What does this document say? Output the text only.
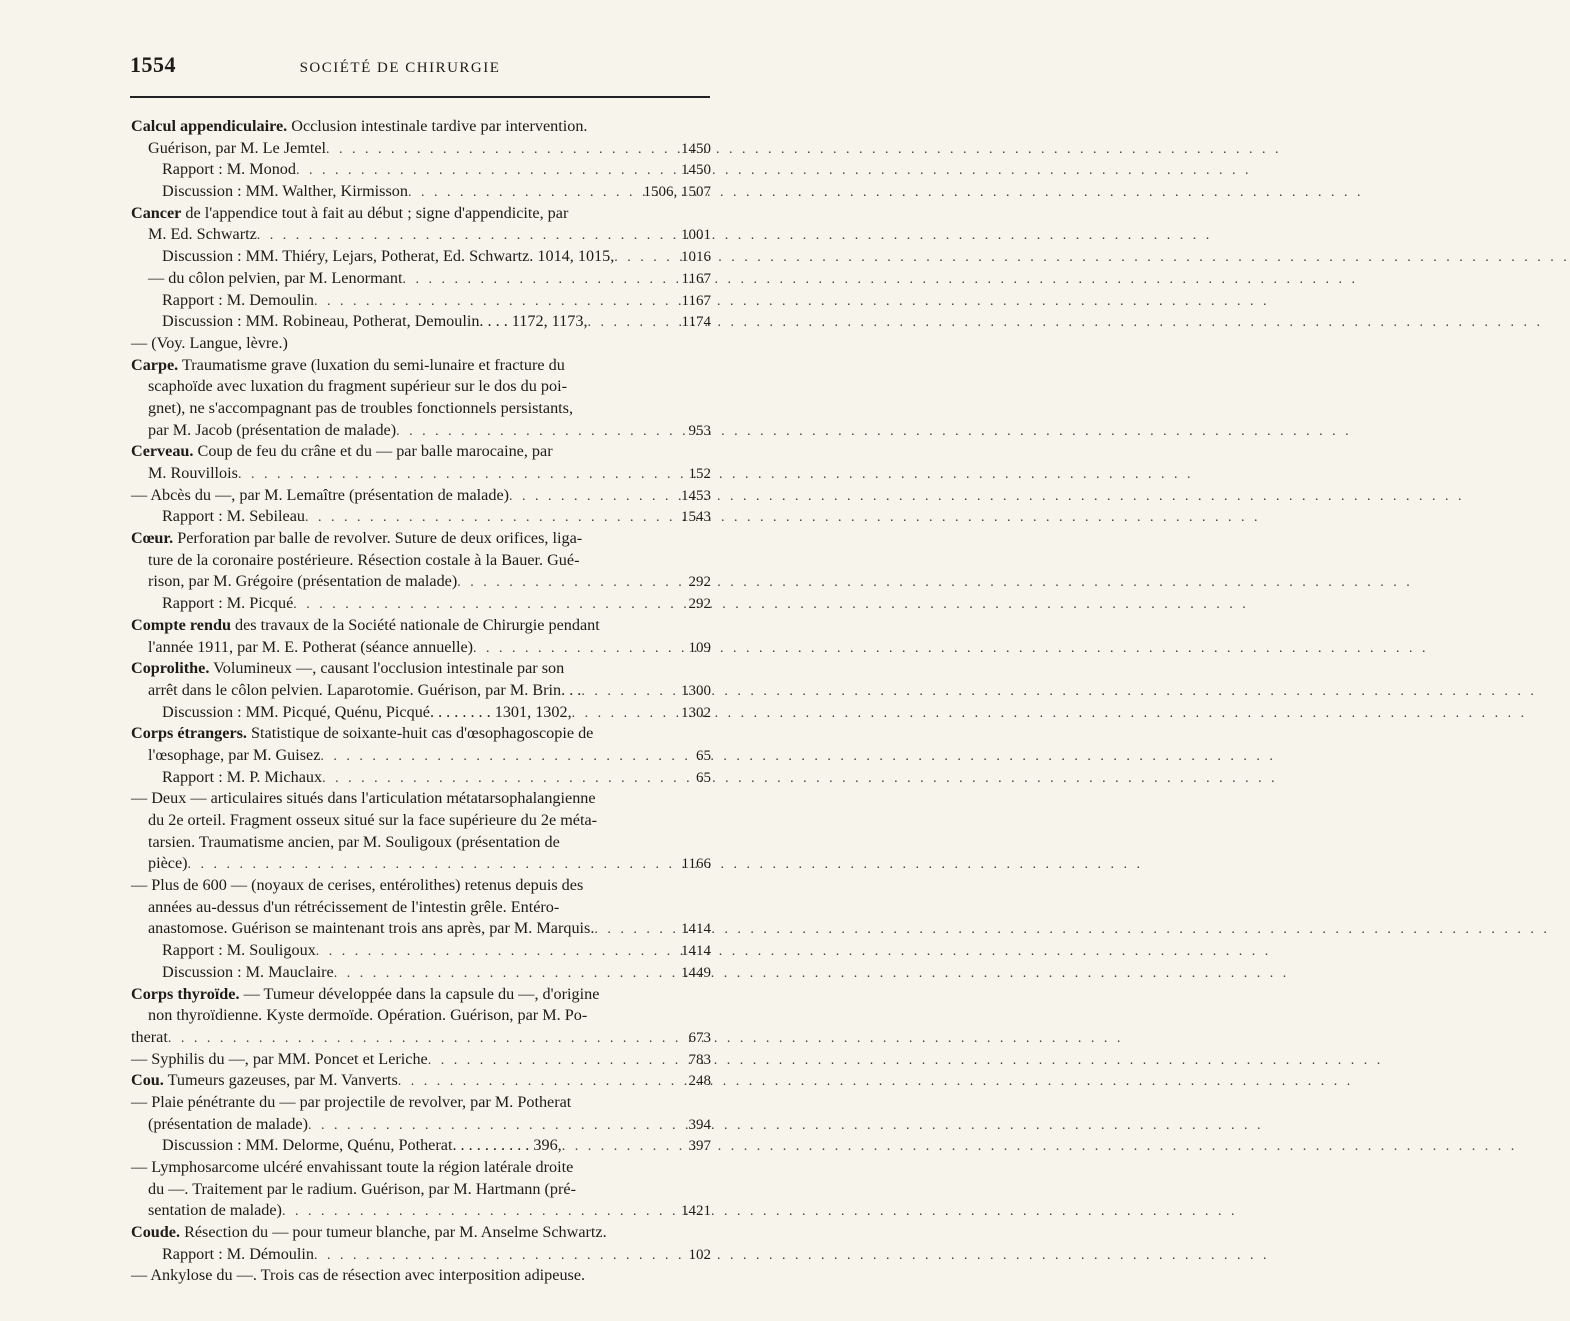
1554	SOCIÉTÉ DE CHIRURGIE
Calcul appendiculaire. Occlusion intestinale tardive par intervention.
Guérison, par M. Le Jemtel . . .	1450
Rapport : M. Monod . . .	1450
Discussion : MM. Walther, Kirmisson . . .	1506, 1507
Cancer de l'appendice tout à fait au début ; signe d'appendicite, par
M. Ed. Schwartz . . .	1001
Discussion : MM. Thiéry, Lejars, Potherat, Ed. Schwartz. 1014, 1015, . . .	1016
— du côlon pelvien, par M. Lenormant . . .	1167
Rapport : M. Demoulin . . .	1167
Discussion : MM. Robineau, Potherat, Demoulin. . . . 1172, 1173, . . .	1174
— (Voy. Langue, lèvre.)
Carpe. Traumatisme grave (luxation du semi-lunaire et fracture du
scaphoïde avec luxation du fragment supérieur sur le dos du poi-
gnet), ne s'accompagnant pas de troubles fonctionnels persistants,
par M. Jacob (présentation de malade) . . .	953
Cerveau. Coup de feu du crâne et du — par balle marocaine, par
M. Rouvillois . . .	152
— Abcès du —, par M. Lemaître (présentation de malade) . . .	1453
Rapport : M. Sebileau . . .	1543
Cœur. Perforation par balle de revolver. Suture de deux orifices, liga-
ture de la coronaire postérieure. Résection costale à la Bauer. Gué-
rison, par M. Grégoire (présentation de malade) . . .	292
Rapport : M. Picqué . . .	292
Compte rendu des travaux de la Société nationale de Chirurgie pendant
l'année 1911, par M. E. Potherat (séance annuelle) . . .	109
Coprolithe. Volumineux —, causant l'occlusion intestinale par son
arrêt dans le côlon pelvien. Laparotomie. Guérison, par M. Brin. . . . . .	1300
Discussion : MM. Picqué, Quénu, Picqué. . . . . . . . 1301, 1302, . . .	1302
Corps étrangers. Statistique de soixante-huit cas d'œsophagoscopie de
l'œsophage, par M. Guisez . . .	65
Rapport : M. P. Michaux . . .	65
— Deux — articulaires situés dans l'articulation métatarsophalangienne
du 2e orteil. Fragment osseux situé sur la face supérieure du 2e méta-
tarsien. Traumatisme ancien, par M. Souligoux (présentation de
pièce) . . .	1166
— Plus de 600 — (noyaux de cerises, entérolithes) retenus depuis des
années au-dessus d'un rétrécissement de l'intestin grêle. Entéro-
anastomose. Guérison se maintenant trois ans après, par M. Marquis. . . .	1414
Rapport : M. Souligoux . . .	1414
Discussion : M. Mauclaire . . .	1449
Corps thyroïde. — Tumeur développée dans la capsule du —, d'origine
non thyroïdienne. Kyste dermoïde. Opération. Guérison, par M. Po-
therat . . .	673
— Syphilis du —, par MM. Poncet et Leriche . . .	783
Cou. Tumeurs gazeuses, par M. Vanverts . . .	248
— Plaie pénétrante du — par projectile de revolver, par M. Potherat
(présentation de malade) . . .	394
Discussion : MM. Delorme, Quénu, Potherat. . . . . . . . . . 396, . . .	397
— Lymphosarcome ulcéré envahissant toute la région latérale droite
du —. Traitement par le radium. Guérison, par M. Hartmann (pré-
sentation de malade) . . .	1421
Coude. Résection du — pour tumeur blanche, par M. Anselme Schwartz.
Rapport : M. Démoulin . . .	102
— Ankylose du —. Trois cas de résection avec interposition adipeuse.
